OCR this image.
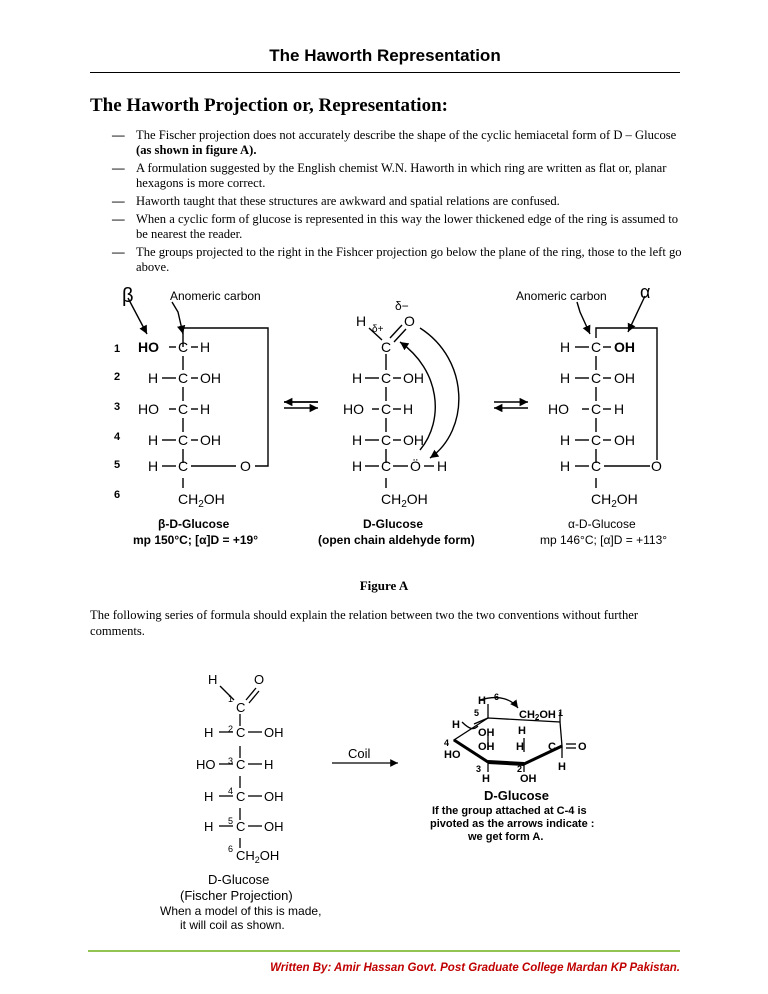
The Haworth Representation
The Haworth Projection or, Representation:
— The Fischer projection does not accurately describe the shape of the cyclic hemiacetal form of D – Glucose (as shown in figure A).
— A formulation suggested by the English chemist W.N. Haworth in which ring are written as flat or, planar hexagons is more correct.
— Haworth taught that these structures are awkward and spatial relations are confused.
— When a cyclic form of glucose is represented in this way the lower thickened edge of the ring is assumed to be nearest the reader.
— The groups projected to the right in the Fishcer projection go below the plane of the ring, those to the left go above.
β	Anomeric carbon
1
2
3
4
5
6
HO C H
H C OH
HO C H
H C OH
H C	O
$CH_2OH$
β-D-Glucose
mp 150°C; [α]D = +19°
δ−
δ+
H	O
C
H C OH
HO C H
H C OH
H C Ö H
$CH_2OH$
D-Glucose
(open chain aldehyde form)
Anomeric carbon α
H C OH
H C OH
HO C H
H C OH
H C	O
$CH_2OH$
α-D-Glucose
mp 146°C; [α]D = +113°
Figure A
The following series of formula should explain the relation between two the two conventions without further comments.
H	O
1
C
2
H C OH
3
HO C H
4
H C OH
5
H C OH
6 $CH_2OH$
D-Glucose
(Fischer Projection)
When a model of this is made,
it will coil as shown.
Coil
H 6
CH2OH
5
H
OH H
1
C O
4
HO
OH H
3	2
H	OH
H
D-Glucose
If the group attached at C-4 is
pivoted as the arrows indicate :
we get form A.
Written By: Amir Hassan Govt. Post Graduate College Mardan KP Pakistan.
